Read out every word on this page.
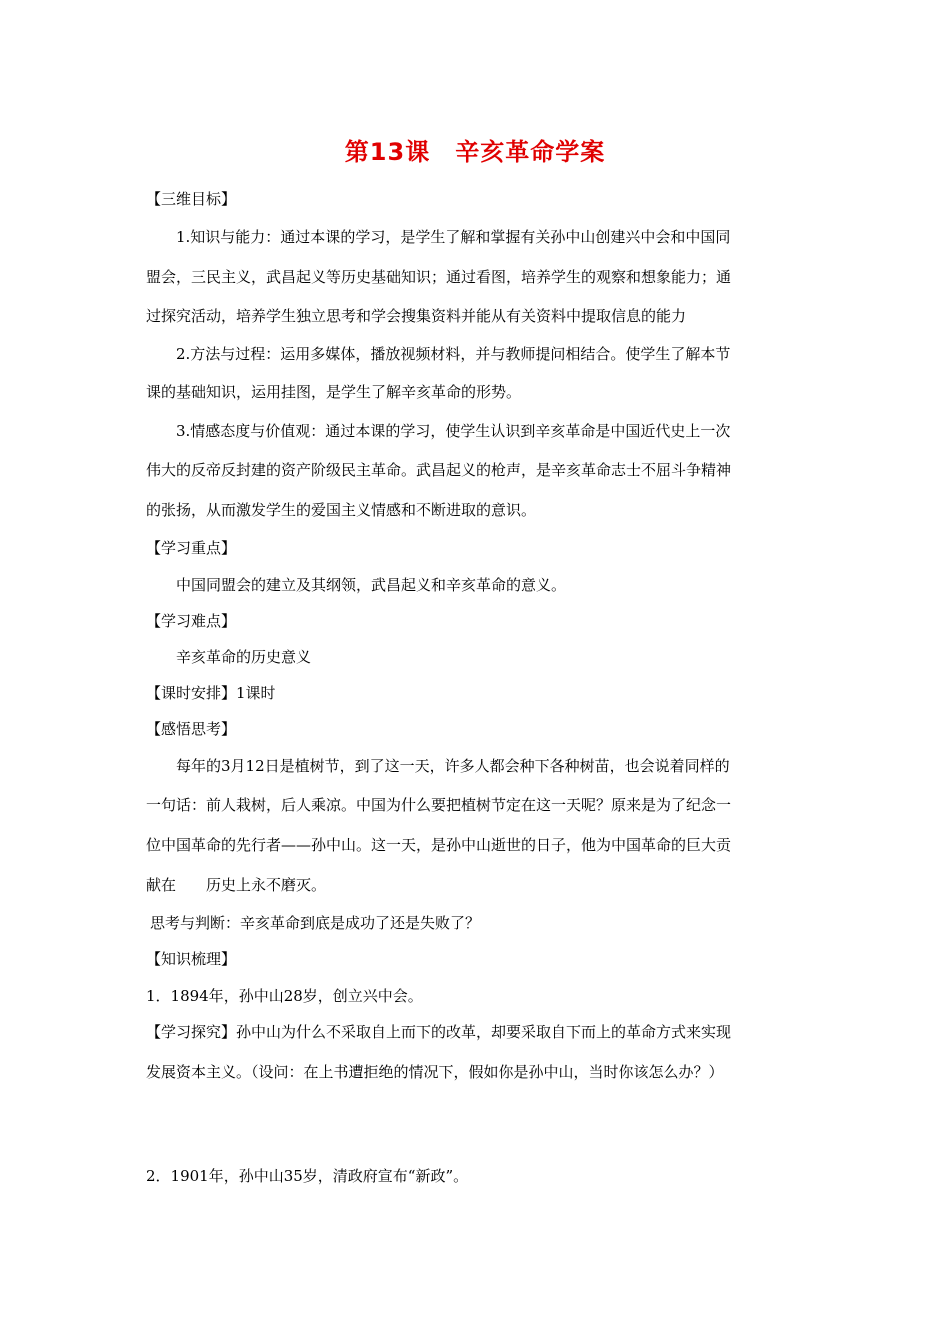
第13课　辛亥革命学案
【三维目标】
1.知识与能力：通过本课的学习，是学生了解和掌握有关孙中山创建兴中会和中国同
盟会，三民主义，武昌起义等历史基础知识；通过看图，培养学生的观察和想象能力；通
过探究活动，培养学生独立思考和学会搜集资料并能从有关资料中提取信息的能力
2.方法与过程：运用多媒体，播放视频材料，并与教师提问相结合。使学生了解本节
课的基础知识，运用挂图，是学生了解辛亥革命的形势。
3.情感态度与价值观：通过本课的学习，使学生认识到辛亥革命是中国近代史上一次
伟大的反帝反封建的资产阶级民主革命。武昌起义的枪声，是辛亥革命志士不屈斗争精神
的张扬，从而激发学生的爱国主义情感和不断进取的意识。
【学习重点】
中国同盟会的建立及其纲领，武昌起义和辛亥革命的意义。
【学习难点】
辛亥革命的历史意义
【课时安排】1课时
【感悟思考】
每年的3月12日是植树节，到了这一天，许多人都会种下各种树苗，也会说着同样的
一句话：前人栽树，后人乘凉。中国为什么要把植树节定在这一天呢？原来是为了纪念一
位中国革命的先行者——孙中山。这一天，是孙中山逝世的日子，他为中国革命的巨大贡
献在　　历史上永不磨灭。
思考与判断：辛亥革命到底是成功了还是失败了？
【知识梳理】
1．1894年，孙中山28岁，创立兴中会。
【学习探究】孙中山为什么不采取自上而下的改革，却要采取自下而上的革命方式来实现
发展资本主义。（设问：在上书遭拒绝的情况下，假如你是孙中山，当时你该怎么办？）
2．1901年，孙中山35岁，清政府宣布“新政”。
